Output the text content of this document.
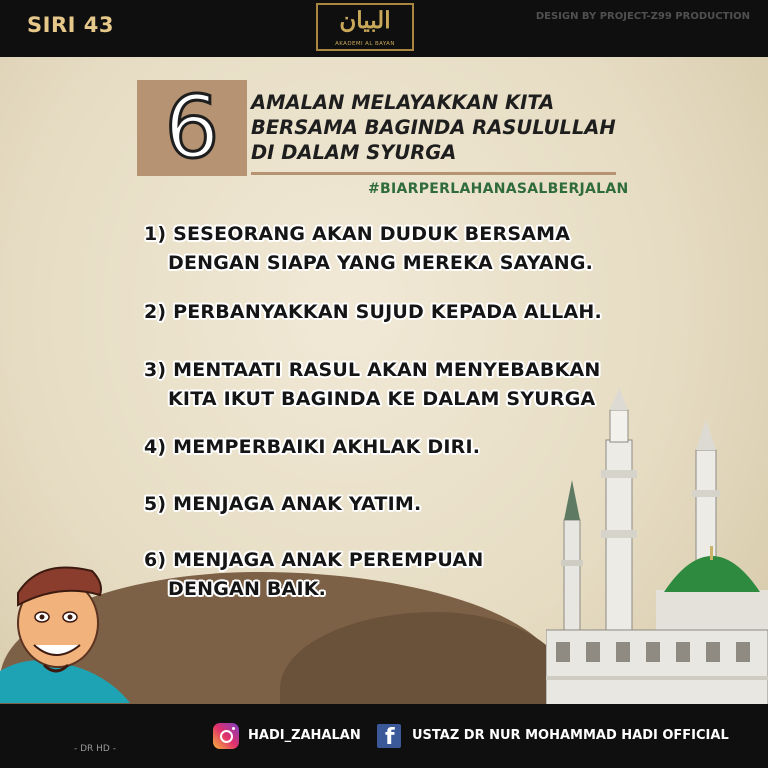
SIRI 43	البيان
AKADEMI AL BAYAN
DESIGN BY PROJECT-Z99 PRODUCTION
6	AMALAN MELAYAKKAN KITA
BERSAMA BAGINDA RASULULLAH
DI DALAM SYURGA
#BIARPERLAHANASALBERJALAN
1) SESEORANG AKAN DUDUK BERSAMA
DENGAN SIAPA YANG MEREKA SAYANG.
2) PERBANYAKKAN SUJUD KEPADA ALLAH.
3) MENTAATI RASUL AKAN MENYEBABKAN
KITA IKUT BAGINDA KE DALAM SYURGA
4) MEMPERBAIKI AKHLAK DIRI.
5) MENJAGA ANAK YATIM.
6) MENJAGA ANAK PEREMPUAN
DENGAN BAIK.
HADI_ZAHALAN f USTAZ DR NUR MOHAMMAD HADI OFFICIAL
- DR HD -
